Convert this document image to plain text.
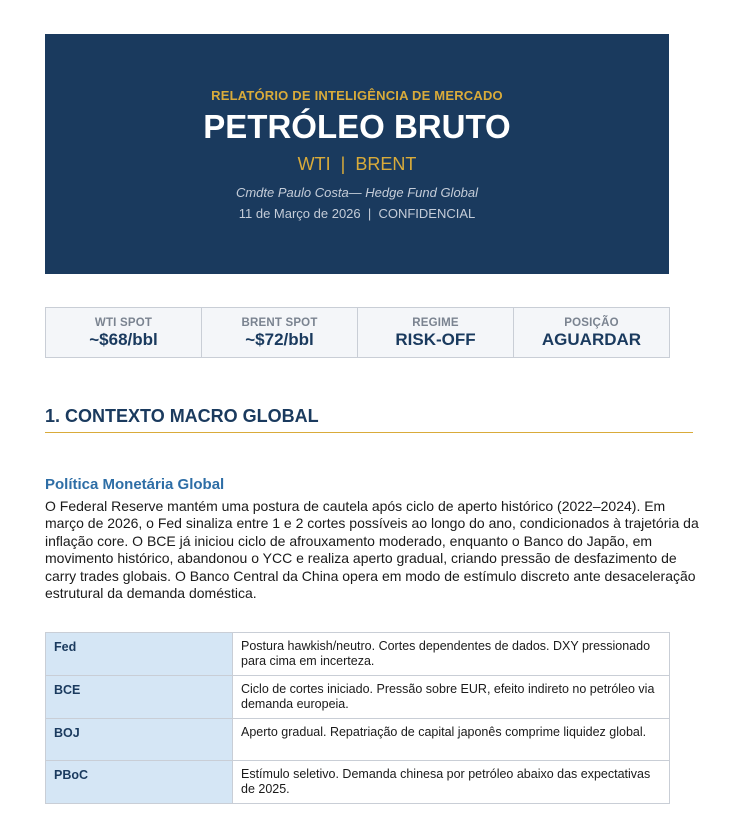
RELATÓRIO DE INTELIGÊNCIA DE MERCADO
PETRÓLEO BRUTO
WTI  |  BRENT
Cmdte Paulo Costa— Hedge Fund Global
11 de Março de 2026  |  CONFIDENCIAL
WTI SPOT
~$68/bbl
BRENT SPOT
~$72/bbl
REGIME
RISK-OFF
POSIÇÃO
AGUARDAR
1. CONTEXTO MACRO GLOBAL
Política Monetária Global
O Federal Reserve mantém uma postura de cautela após ciclo de aperto histórico (2022–2024). Em março de 2026, o Fed sinaliza entre 1 e 2 cortes possíveis ao longo do ano, condicionados à trajetória da inflação core. O BCE já iniciou ciclo de afrouxamento moderado, enquanto o Banco do Japão, em movimento histórico, abandonou o YCC e realiza aperto gradual, criando pressão de desfazimento de carry trades globais. O Banco Central da China opera em modo de estímulo discreto ante desaceleração estrutural da demanda doméstica.
Fed	Postura hawkish/neutro. Cortes dependentes de dados. DXY pressionado para cima em incerteza.
BCE	Ciclo de cortes iniciado. Pressão sobre EUR, efeito indireto no petróleo via demanda europeia.
BOJ	Aperto gradual. Repatriação de capital japonês comprime liquidez global.
PBoC	Estímulo seletivo. Demanda chinesa por petróleo abaixo das expectativas de 2025.
